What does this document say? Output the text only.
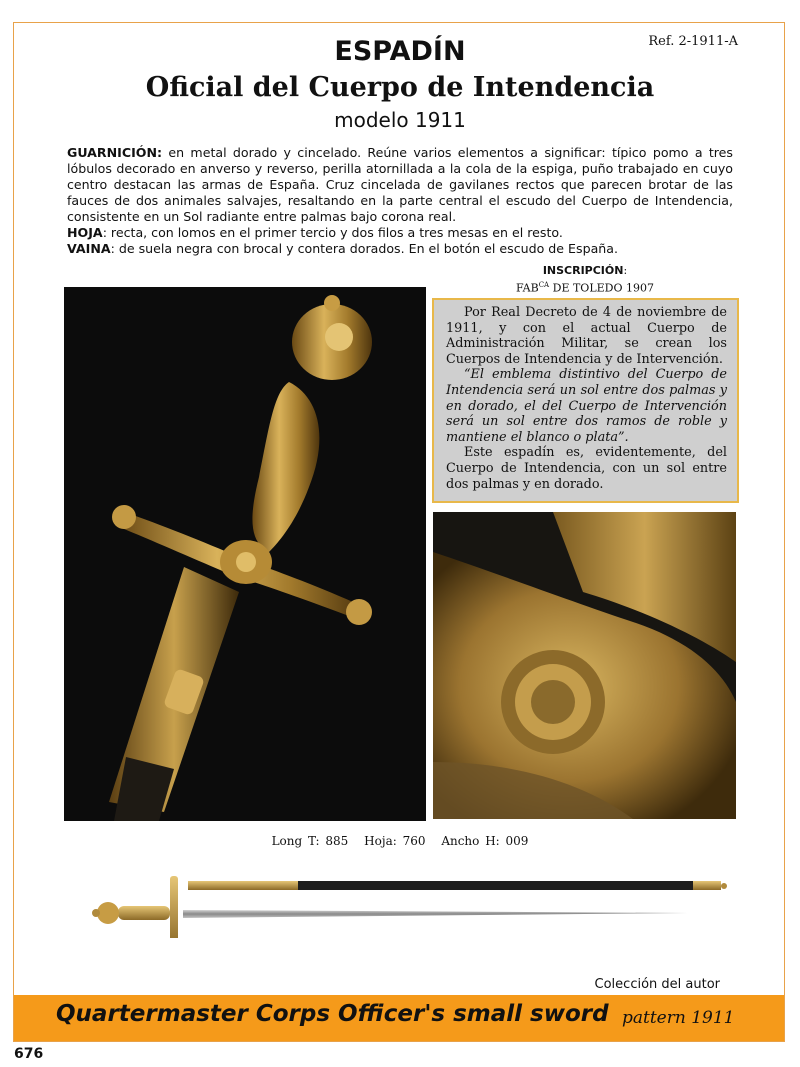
Ref. 2-1911-A
ESPADÍN
Oficial del Cuerpo de Intendencia
modelo 1911

GUARNICIÓN: en metal dorado y cincelado. Reúne varios elementos a significar: típico pomo a tres lóbulos decorado en anverso y reverso, perilla atornillada a la cola de la espiga, puño trabajado en cuyo centro destacan las armas de España. Cruz cincelada de gavilanes rectos que parecen brotar de las fauces de dos animales salvajes, resaltando en la parte central el escudo del Cuerpo de Intendencia, consistente en un Sol radiante entre palmas bajo corona real.

HOJA: recta, con lomos en el primer tercio y dos filos a tres mesas en el resto.

VAINA: de suela negra con brocal y contera dorados. En el botón el escudo de España.

INSCRIPCIÓN:
$FAB^{CA}$ DE TOLEDO 1907

Por Real Decreto de 4 de noviembre de 1911, y con el actual Cuerpo de Administración Militar, se crean los Cuerpos de Intendencia y de Intervención.

“El emblema distintivo del Cuerpo de Intendencia será un sol entre dos palmas y en dorado, el del Cuerpo de Intervención será un sol entre dos ramos de roble y mantiene el blanco o plata”.

Este espadín es, evidentemente, del Cuerpo de Intendencia, con un sol entre dos palmas y en dorado.

Long T: 885 Hoja: 760 Ancho H: 009
Colección del autor
Quartermaster Corps Officer's small sword pattern 1911
676
